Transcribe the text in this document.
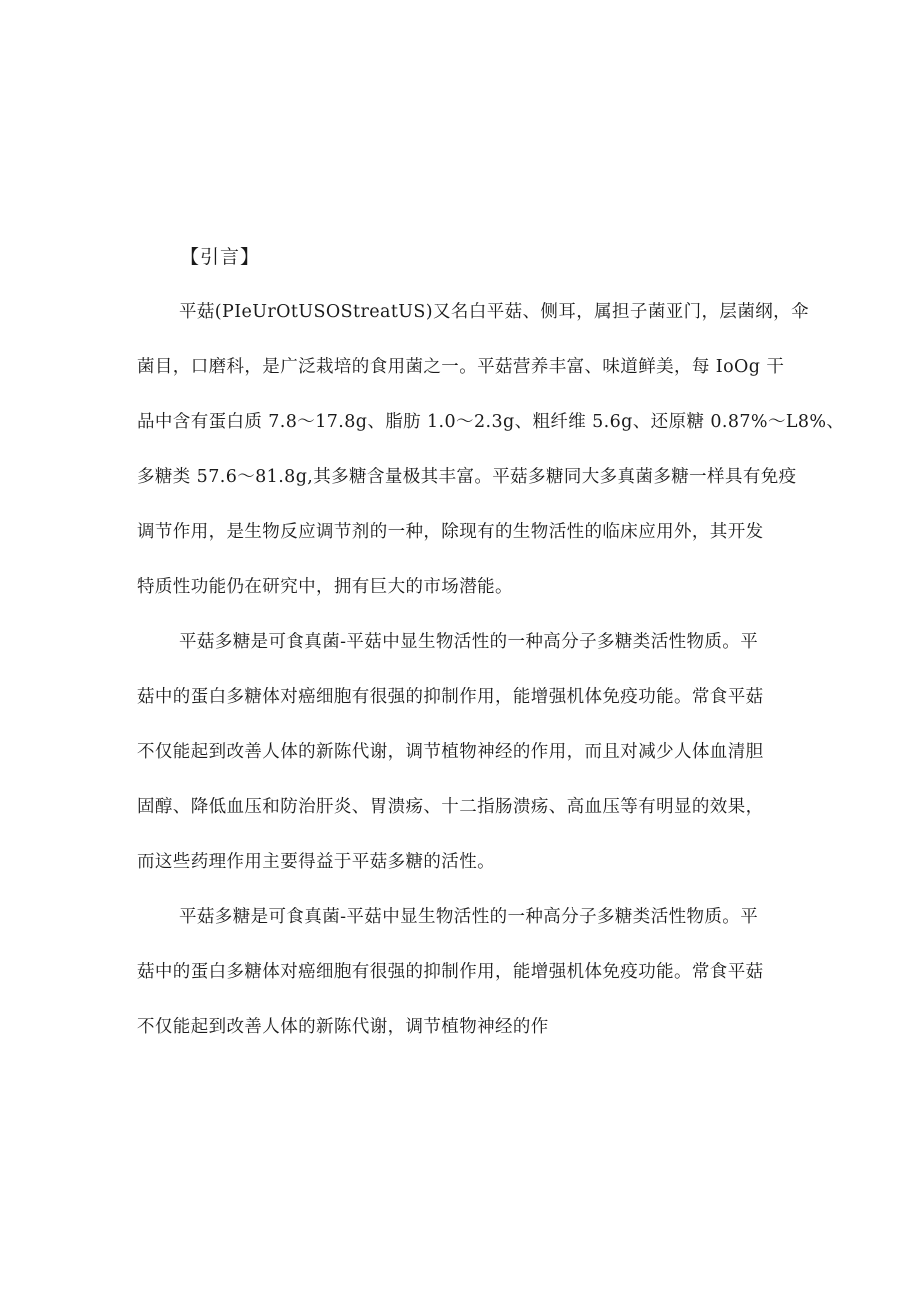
【引言】
平菇(PIeUrOtUSOStreatUS)又名白平菇、侧耳，属担子菌亚门，层菌纲，伞
菌目，口磨科，是广泛栽培的食用菌之一。平菇营养丰富、味道鲜美，每 IoOg 干
品中含有蛋白质 7.8～17.8g、脂肪 1.0～2.3g、粗纤维 5.6g、还原糖 0.87%～L8%、
多糖类 57.6～81.8g,其多糖含量极其丰富。平菇多糖同大多真菌多糖一样具有免疫
调节作用，是生物反应调节剂的一种，除现有的生物活性的临床应用外，其开发
特质性功能仍在研究中，拥有巨大的市场潜能。
平菇多糖是可食真菌-平菇中显生物活性的一种高分子多糖类活性物质。平
菇中的蛋白多糖体对癌细胞有很强的抑制作用，能增强机体免疫功能。常食平菇
不仅能起到改善人体的新陈代谢，调节植物神经的作用，而且对减少人体血清胆
固醇、降低血压和防治肝炎、胃溃疡、十二指肠溃疡、高血压等有明显的效果，
而这些药理作用主要得益于平菇多糖的活性。
平菇多糖是可食真菌-平菇中显生物活性的一种高分子多糖类活性物质。平
菇中的蛋白多糖体对癌细胞有很强的抑制作用，能增强机体免疫功能。常食平菇
不仅能起到改善人体的新陈代谢，调节植物神经的作
